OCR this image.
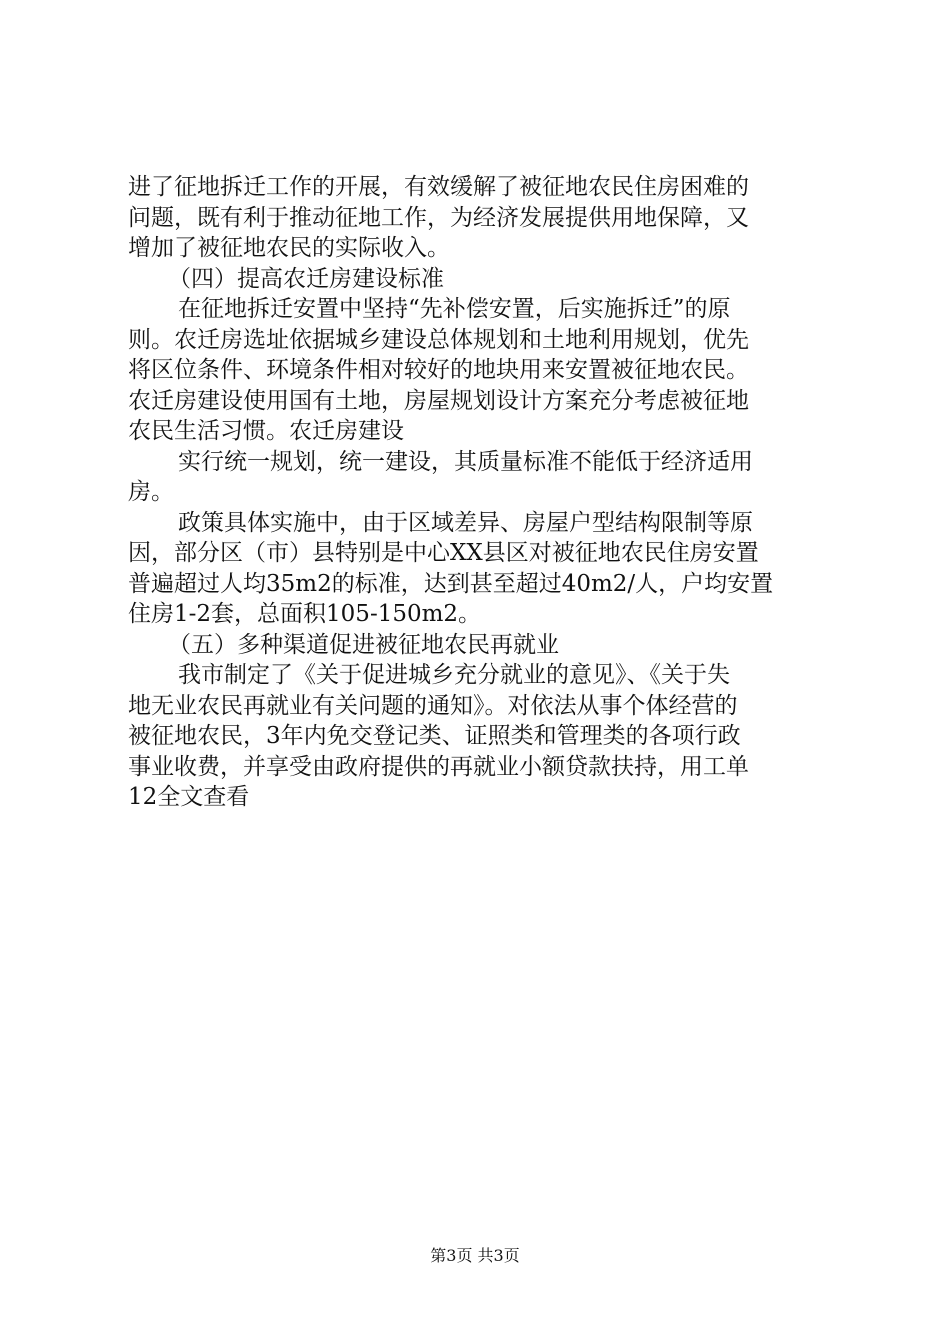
进了征地拆迁工作的开展，有效缓解了被征地农民住房困难的
问题，既有利于推动征地工作，为经济发展提供用地保障，又
增加了被征地农民的实际收入。
（四）提高农迁房建设标准
在征地拆迁安置中坚持“先补偿安置，后实施拆迁”的原
则。农迁房选址依据城乡建设总体规划和土地利用规划，优先
将区位条件、环境条件相对较好的地块用来安置被征地农民。
农迁房建设使用国有土地，房屋规划设计方案充分考虑被征地
农民生活习惯。农迁房建设
实行统一规划，统一建设，其质量标准不能低于经济适用
房。
政策具体实施中，由于区域差异、房屋户型结构限制等原
因，部分区（市）县特别是中心XX县区对被征地农民住房安置
普遍超过人均35m2的标准，达到甚至超过40m2/人，户均安置
住房1-2套，总面积105-150m2。
（五）多种渠道促进被征地农民再就业
我市制定了《关于促进城乡充分就业的意见》、《关于失
地无业农民再就业有关问题的通知》。对依法从事个体经营的
被征地农民，3年内免交登记类、证照类和管理类的各项行政
事业收费，并享受由政府提供的再就业小额贷款扶持，用工单
12全文查看
第3页 共3页
